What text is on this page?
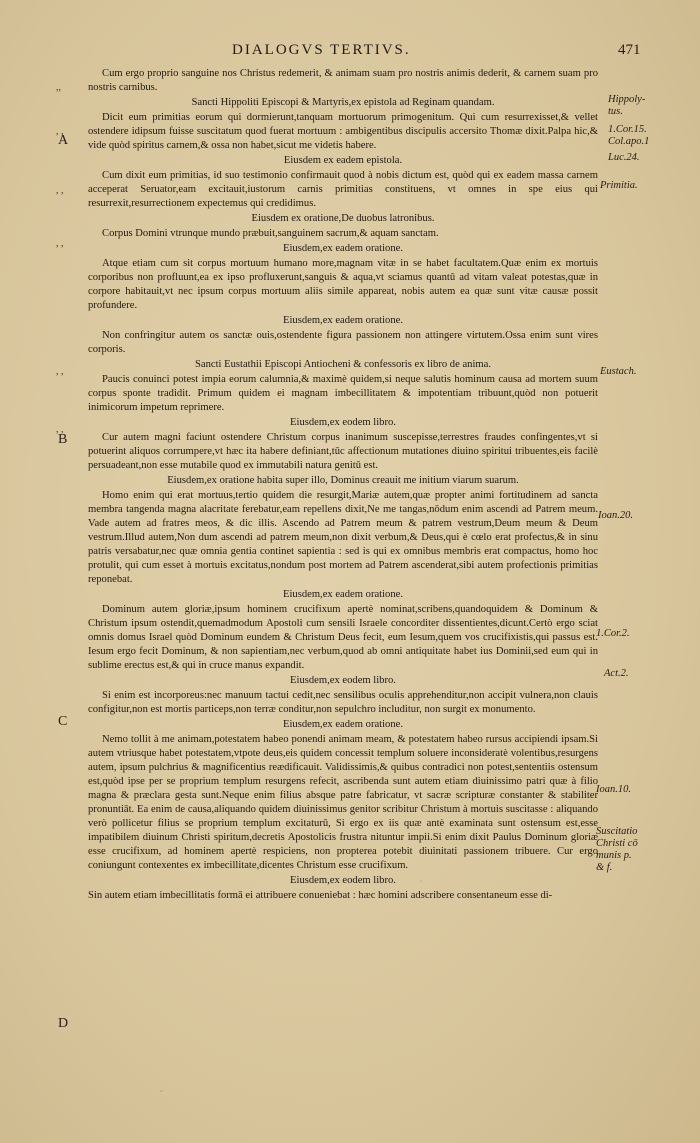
DIALOGVS TERTIVS.	471
A
B
C
D
,,
, ,
, ,
, ,
, ,
, ,
Hippoly-
tus.
1.Cor.15.
Col.apo.1
Luc.24.
Primitia.
Eustach.
Ioan.20.
1.Cor.2.
Act.2.
Ioan.10.
Suscitatio
Christi cō
munis p.
& f.

Cum ergo proprio sanguine nos Christus redemerit, & animam suam pro nostris animis dederit, & carnem suam pro nostris carnibus.

Sancti Hippoliti Episcopi & Martyris,ex epistola ad Reginam quandam.

Dicit eum primitias eorum qui dormierunt,tanquam mortuorum primogenitum. Qui cum resurrexisset,& vellet ostendere idipsum fuisse suscitatum quod fuerat mortuum : ambigentibus discipulis accersito Thomæ dixit.Palpa hic,& vide quòd spiritus carnem,& ossa non habet,sicut me videtis habere.

Eiusdem ex eadem epistola.

Cum dixit eum primitias, id suo testimonio confirmauit quod à nobis dictum est, quòd qui ex eadem massa carnem acceperat Seruator,eam excitauit,iustorum carnis primitias constituens, vt omnes in spe eius qui resurrexit,resurrectionem expectemus qui credidimus.

Eiusdem ex oratione,De duobus latronibus.

Corpus Domini vtrunque mundo præbuit,sanguinem sacrum,& aquam sanctam.

Eiusdem,ex eadem oratione.

Atque etiam cum sit corpus mortuum humano more,magnam vitæ in se habet facultatem.Quæ enim ex mortuis corporibus non profluunt,ea ex ipso profluxerunt,sanguis & aqua,vt sciamus quantū ad vitam valeat potestas,quæ in corpore habitauit,vt nec ipsum corpus mortuum aliis simile appareat, nobis autem ea quæ sunt vitæ causæ possit profundere.

Eiusdem,ex eadem oratione.

Non confringitur autem os sanctæ ouis,ostendente figura passionem non attingere virtutem.Ossa enim sunt vires corporis.

Sancti Eustathii Episcopi Antiocheni & confessoris ex libro de anima.

Paucis conuinci potest impia eorum calumnia,& maximè quidem,si neque salutis hominum causa ad mortem suum corpus sponte tradidit. Primum quidem ei magnam imbecillitatem & impotentiam tribuunt,quòd non potuerit inimicorum impetum reprimere.

Eiusdem,ex eodem libro.

Cur autem magni faciunt ostendere Christum corpus inanimum suscepisse,terrestres fraudes confingentes,vt si potuerint aliquos corrumpere,vt hæc ita habere definiant,tūc affectionum mutationes diuino spiritui tribuentes,eis facilè persuadeant,non esse mutabile quod ex immutabili natura genitū est.

Eiusdem,ex oratione habita super illo, Dominus creauit me initium viarum suarum.

Homo enim qui erat mortuus,tertio quidem die resurgit,Mariæ autem,quæ propter animi fortitudinem ad sancta membra tangenda magna alacritate ferebatur,eam repellens dixit,Ne me tangas,nōdum enim ascendi ad Patrem meum. Vade autem ad fratres meos, & dic illis. Ascendo ad Patrem meum & patrem vestrum,Deum meum & Deum vestrum.Illud autem,Non dum ascendi ad patrem meum,non dixit verbum,& Deus,qui è cœlo erat profectus,& in sinu patris versabatur,nec quæ omnia gentia continet sapientia : sed is qui ex omnibus membris erat compactus, homo hoc protulit, qui cum esset à mortuis excitatus,nondum post mortem ad Patrem ascenderat,sibi autem profectionis primitias reponebat.

Eiusdem,ex eadem oratione.

Dominum autem gloriæ,ipsum hominem crucifixum apertè nominat,scribens,quandoquidem & Dominum & Christum ipsum ostendit,quemadmodum Apostoli cum sensili Israele concorditer dissentientes,dicunt.Certò ergo sciat omnis domus Israel quòd Dominum eundem & Christum Deus fecit, eum Iesum,quem vos crucifixistis,qui passus est. Iesum ergo fecit Dominum, & non sapientiam,nec verbum,quod ab omni antiquitate habet ius Dominii,sed eum qui in sublime erectus est,& qui in cruce manus expandit.

Eiusdem,ex eodem libro.

Si enim est incorporeus:nec manuum tactui cedit,nec sensilibus oculis apprehenditur,non accipit vulnera,non clauis configitur,non est mortis particeps,non terræ conditur,non sepulchro includitur, non surgit ex monumento.

Eiusdem,ex eadem oratione.

Nemo tollit à me animam,potestatem habeo ponendi animam meam, & potestatem habeo rursus accipiendi ipsam.Si autem vtriusque habet potestatem,vtpote deus,eis quidem concessit templum soluere inconsideratè volentibus,resurgens autem, ipsum pulchrius & magnificentius reædificauit. Validissimis,& quibus contradici non potest,sententiis ostensum est,quòd ipse per se proprium templum resurgens refecit, ascribenda sunt autem etiam diuinissimo patri quæ à filio magna & præclara gesta sunt.Neque enim filius absque patre fabricatur, vt sacræ scripturæ constanter & stabiliter pronuntiāt. Ea enim de causa,aliquando quidem diuinissimus genitor scribitur Christum à mortuis suscitasse : aliquando verò pollicetur filius se proprium templum excitaturū, Si ergo ex iis quæ antè examinata sunt ostensum est,esse impatibilem diuinum Christi spiritum,decretis Apostolicis frustra nituntur impii.Si enim dixit Paulus Dominum gloriæ esse crucifixum, ad hominem apertè respiciens, non propterea potebit diuinitati passionem tribuere. Cur ergo coniungunt contexentes ex imbecillitate,dicentes Christum esse crucifixum.

Eiusdem,ex eodem libro.

Sin autem etiam imbecillitatis formā ei attribuere conueniebat : hæc homini adscribere consentaneum esse di-
